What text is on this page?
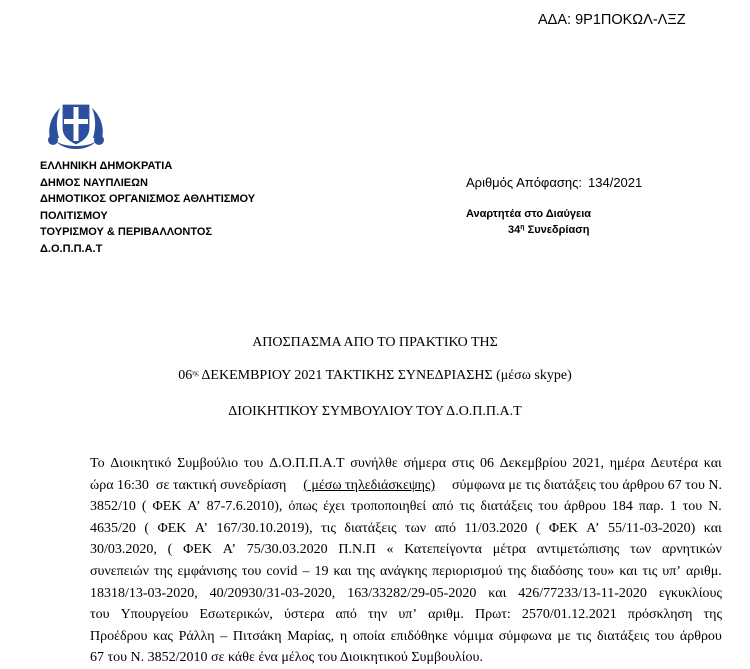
ΑΔΑ: 9Ρ1ΠΟΚΩΛ-ΛΞΖ
ΕΛΛΗΝΙΚΗ ΔΗΜΟΚΡΑΤΙΑ
ΔΗΜΟΣ ΝΑΥΠΛΙΕΩΝ
ΔΗΜΟΤΙΚΟΣ ΟΡΓΑΝΙΣΜΟΣ ΑΘΛΗΤΙΣΜΟΥ
ΠΟΛΙΤΙΣΜΟΥ
ΤΟΥΡΙΣΜΟΥ & ΠΕΡΙΒΑΛΛΟΝΤΟΣ
Δ.Ο.Π.Π.Α.Τ
Αριθμός Απόφασης: 134/2021
Αναρτητέα στο Διαύγεια
$34^\eta$ Συνεδρίαση
ΑΠΟΣΠΑΣΜΑ ΑΠΟ ΤΟ ΠΡΑΚΤΙΚΟ ΤΗΣ
$06^{\eta\varsigma}$ ΔΕΚΕΜΒΡΙΟΥ 2021 ΤΑΚΤΙΚΗΣ ΣΥΝΕΔΡΙΑΣΗΣ (μέσω skype)
ΔΙΟΙΚΗΤΙΚΟΥ ΣΥΜΒΟΥΛΙΟΥ ΤΟΥ Δ.Ο.Π.Π.Α.Τ
Το Διοικητικό Συμβούλιο του Δ.Ο.Π.Π.Α.Τ συνήλθε σήμερα στις 06 Δεκεμβρίου 2021, ημέρα Δευτέρα και
ώρα 16:30  σε τακτική συνεδρίαση ( μέσω τηλεδιάσκεψης) σύμφωνα με τις διατάξεις του άρθρου 67 του Ν.
3852/10 ( ΦΕΚ Α’ 87-7.6.2010), όπως έχει τροποποιηθεί από τις διατάξεις του άρθρου 184 παρ. 1 του Ν.
4635/20 ( ΦΕΚ Α’ 167/30.10.2019), τις διατάξεις των από 11/03.2020 ( ΦΕΚ Α’ 55/11-03-2020) και
30/03.2020, ( ΦΕΚ Α’ 75/30.03.2020 Π.Ν.Π « Κατεπείγοντα μέτρα αντιμετώπισης των αρνητικών
συνεπειών της εμφάνισης του covid – 19 και της ανάγκης περιορισμού της διαδόσης του» και τις υπ’ αριθμ.
18318/13-03-2020, 40/20930/31-03-2020, 163/33282/29-05-2020 και 426/77233/13-11-2020 εγκυκλίους
του Υπουργείου Εσωτερικών, ύστερα από την υπ’ αριθμ. Πρωτ: 2570/01.12.2021 πρόσκληση της
Προέδρου κας Ράλλη – Πιτσάκη Μαρίας, η οποία επιδόθηκε νόμιμα σύμφωνα με τις διατάξεις του άρθρου
67 του Ν. 3852/2010 σε κάθε ένα μέλος του Διοικητικού Συμβουλίου.
